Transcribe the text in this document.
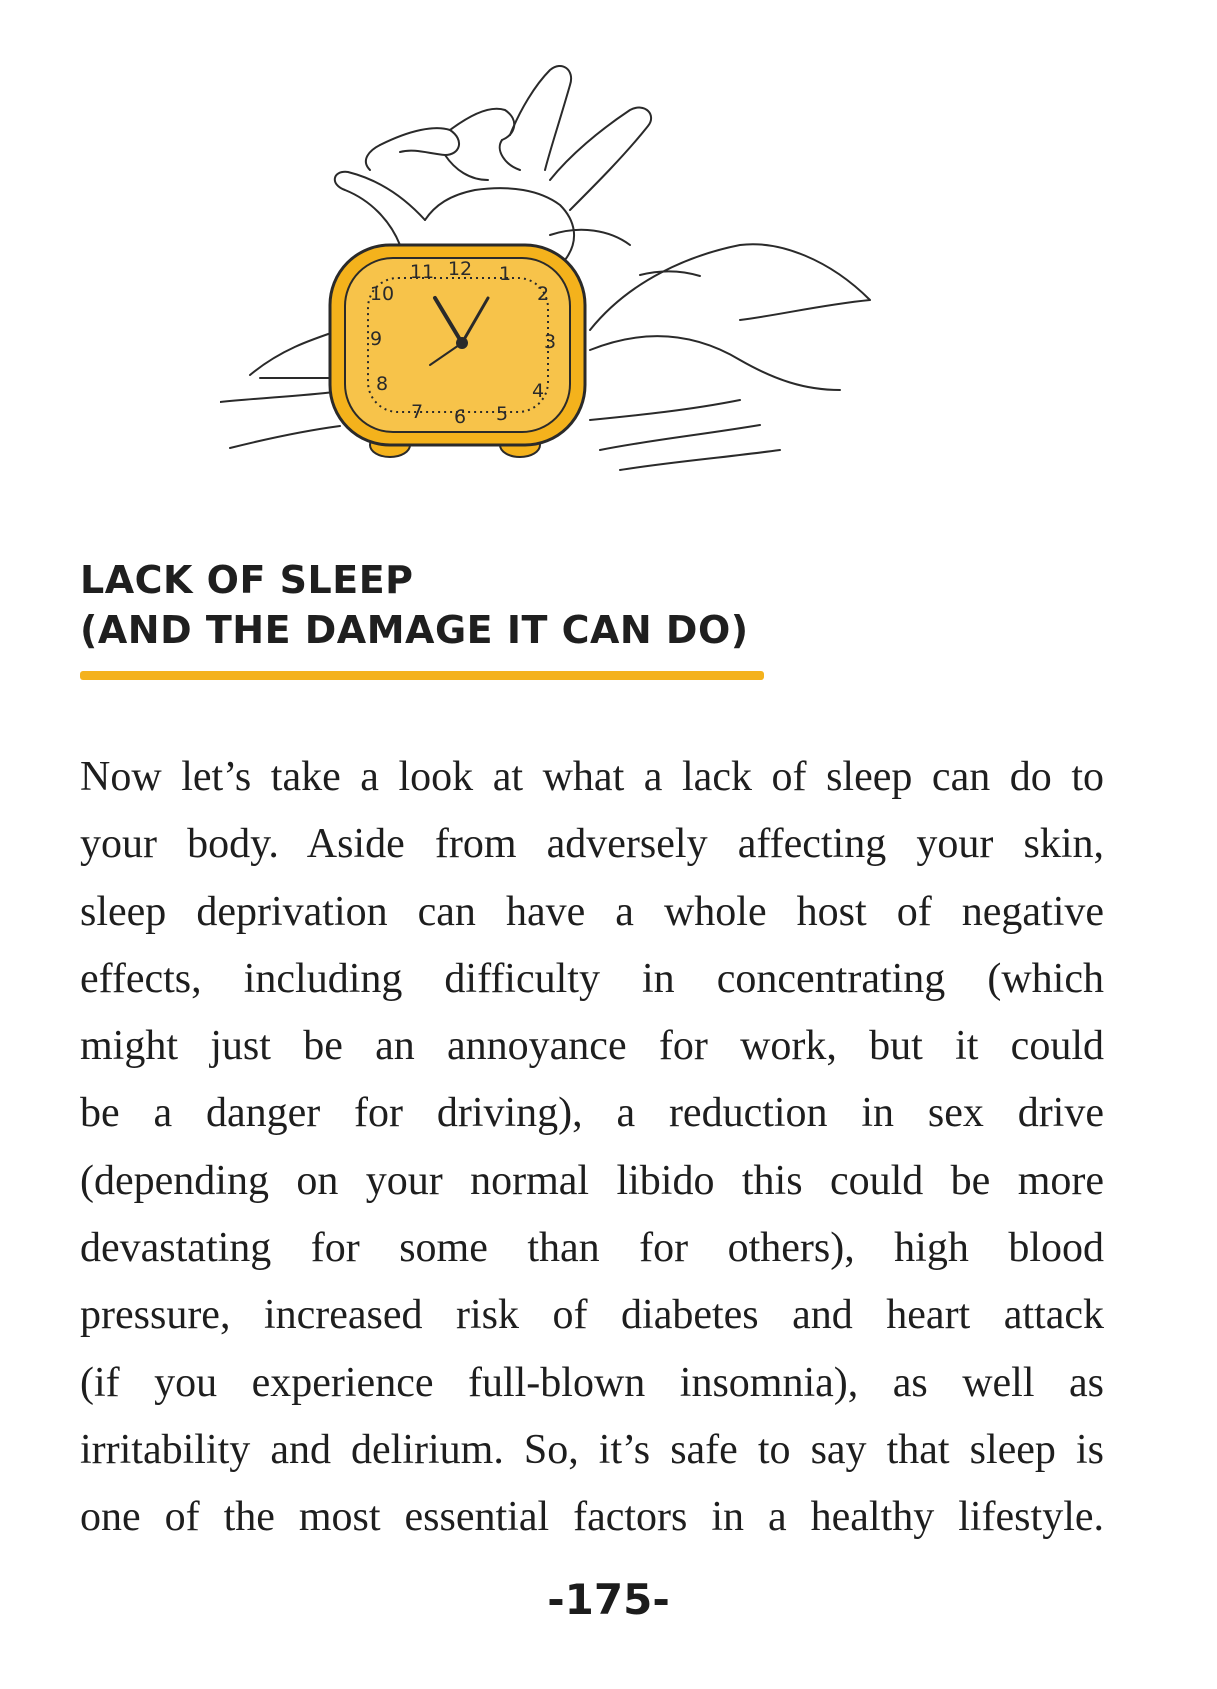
12 1
2
3
4
5
6
7
8
9
10
11
LACK OF SLEEP
(AND THE DAMAGE IT CAN DO)

Now let’s take a look at what a lack of sleep can do to
your body. Aside from adversely affecting your skin,
sleep deprivation can have a whole host of negative
effects, including difficulty in concentrating (which
might just be an annoyance for work, but it could
be a danger for driving), a reduction in sex drive
(depending on your normal libido this could be more
devastating for some than for others), high blood
pressure, increased risk of diabetes and heart attack
(if you experience full-blown insomnia), as well as
irritability and delirium. So, it’s safe to say that sleep is
one of the most essential factors in a healthy lifestyle.

-175-
